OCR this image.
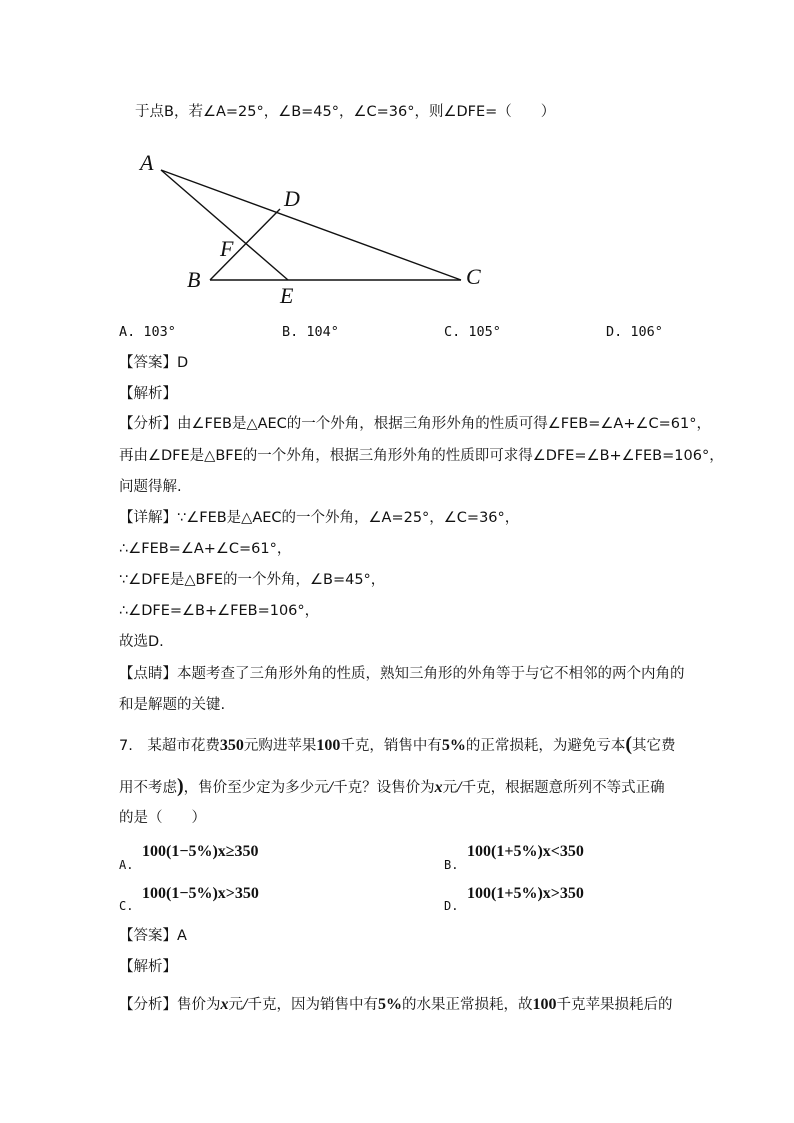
于点B，若∠A=25°，∠B=45°，∠C=36°，则∠DFE=（　　）
A
D
F
B
E
C
A. 103°	B. 104°	C. 105°	D. 106°
【答案】D
【解析】
【分析】由∠FEB是△AEC的一个外角，根据三角形外角的性质可得∠FEB=∠A+∠C=61°，
再由∠DFE是△BFE的一个外角，根据三角形外角的性质即可求得∠DFE=∠B+∠FEB=106°，
问题得解.
【详解】∵∠FEB是△AEC的一个外角，∠A=25°，∠C=36°，
∴∠FEB=∠A+∠C=61°，
∵∠DFE是△BFE的一个外角，∠B=45°，
∴∠DFE=∠B+∠FEB=106°，
故选D.
【点睛】本题考查了三角形外角的性质，熟知三角形的外角等于与它不相邻的两个内角的
和是解题的关键.
7.　某超市花费350元购进苹果100千克，销售中有5%的正常损耗，为避免亏本(其它费
用不考虑)，售价至少定为多少元/千克？设售价为x元/千克，根据题意所列不等式正确
的是（　　）
A.
100(1−5%)x≥350
B.
100(1+5%)x<350
C.
100(1−5%)x>350
D.
100(1+5%)x>350
【答案】A
【解析】
【分析】售价为x元/千克，因为销售中有5%的水果正常损耗，故100千克苹果损耗后的
